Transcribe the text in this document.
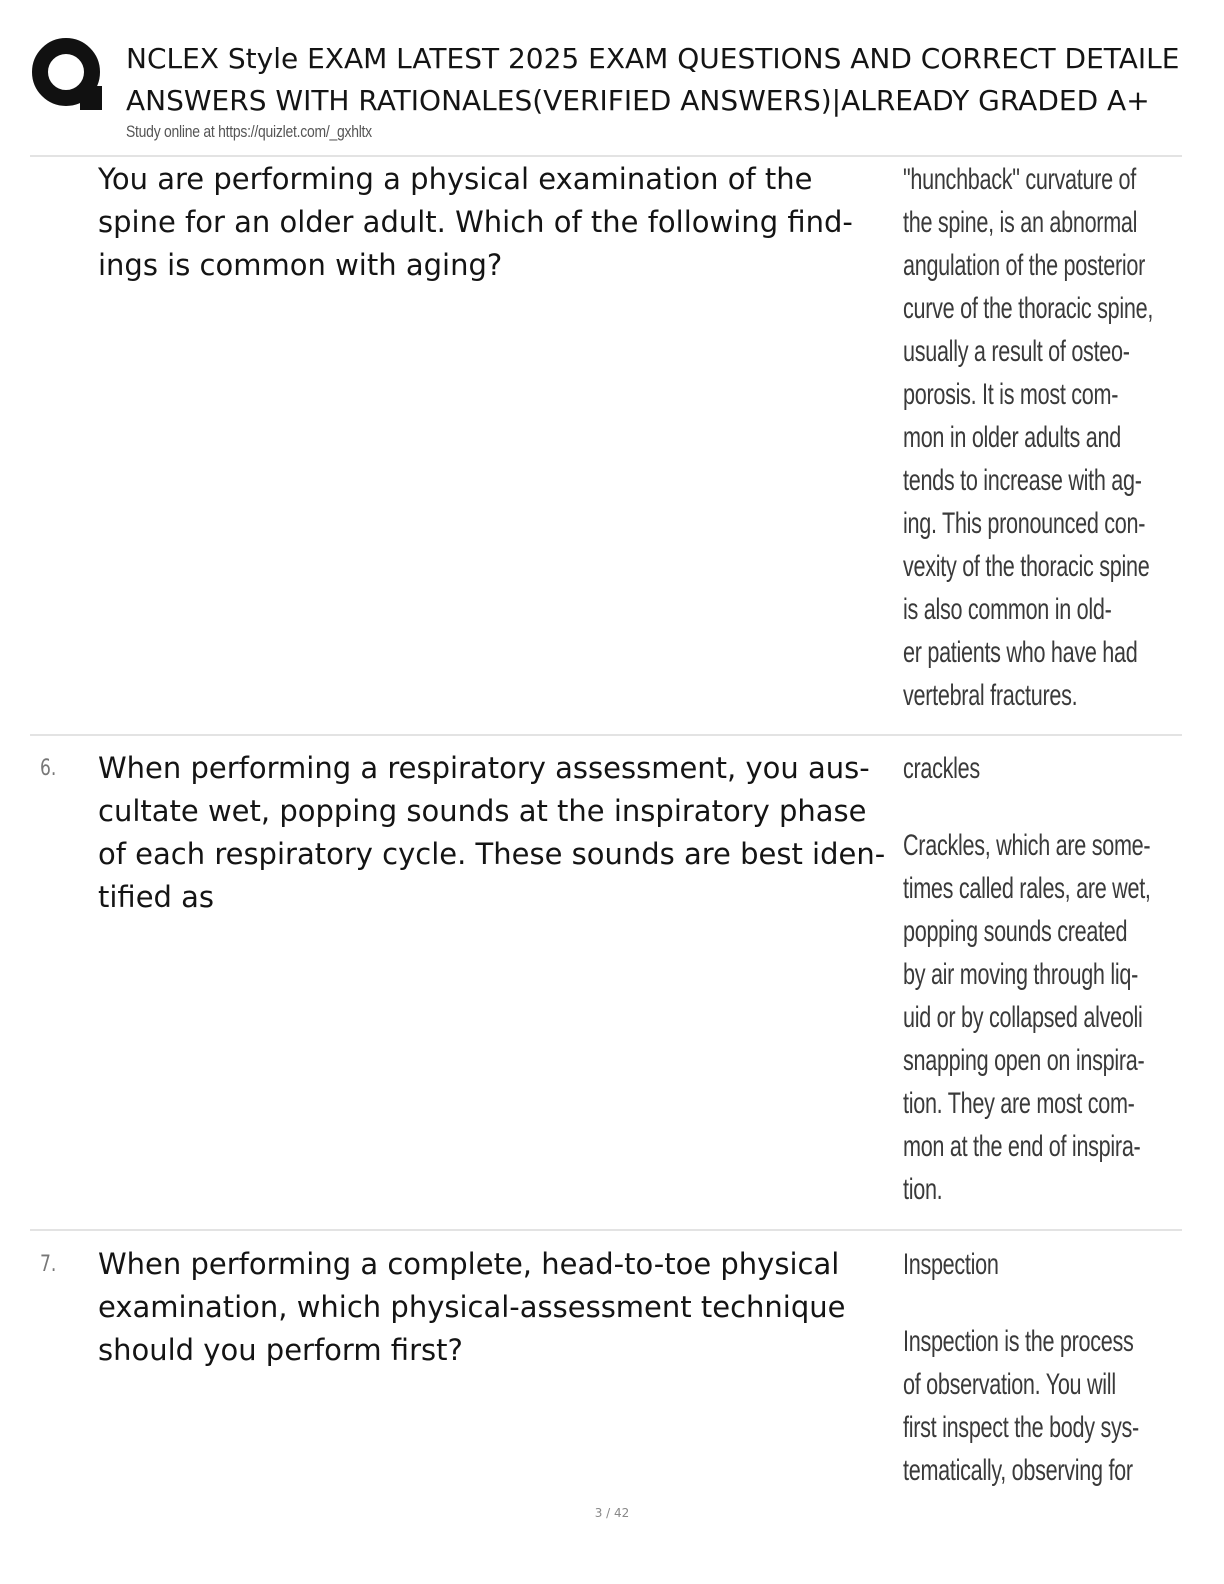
NCLEX Style EXAM LATEST 2025 EXAM QUESTIONS AND CORRECT DETAILE
ANSWERS WITH RATIONALES(VERIFIED ANSWERS)|ALREADY GRADED A+
Study online at https://quizlet.com/_gxhltx
You are performing a physical examination of the
spine for an older adult. Which of the following find-
ings is common with aging?
"hunchback" curvature of
the spine, is an abnormal
angulation of the posterior
curve of the thoracic spine,
usually a result of osteo-
porosis. It is most com-
mon in older adults and
tends to increase with ag-
ing. This pronounced con-
vexity of the thoracic spine
is also common in old-
er patients who have had
vertebral fractures.
6. When performing a respiratory assessment, you aus-
cultate wet, popping sounds at the inspiratory phase
of each respiratory cycle. These sounds are best iden-
tified as
crackles
Crackles, which are some-
times called rales, are wet,
popping sounds created
by air moving through liq-
uid or by collapsed alveoli
snapping open on inspira-
tion. They are most com-
mon at the end of inspira-
tion.
7. When performing a complete, head-to-toe physical
examination, which physical-assessment technique
should you perform first?
Inspection
Inspection is the process
of observation. You will
first inspect the body sys-
tematically, observing for
3 / 42
